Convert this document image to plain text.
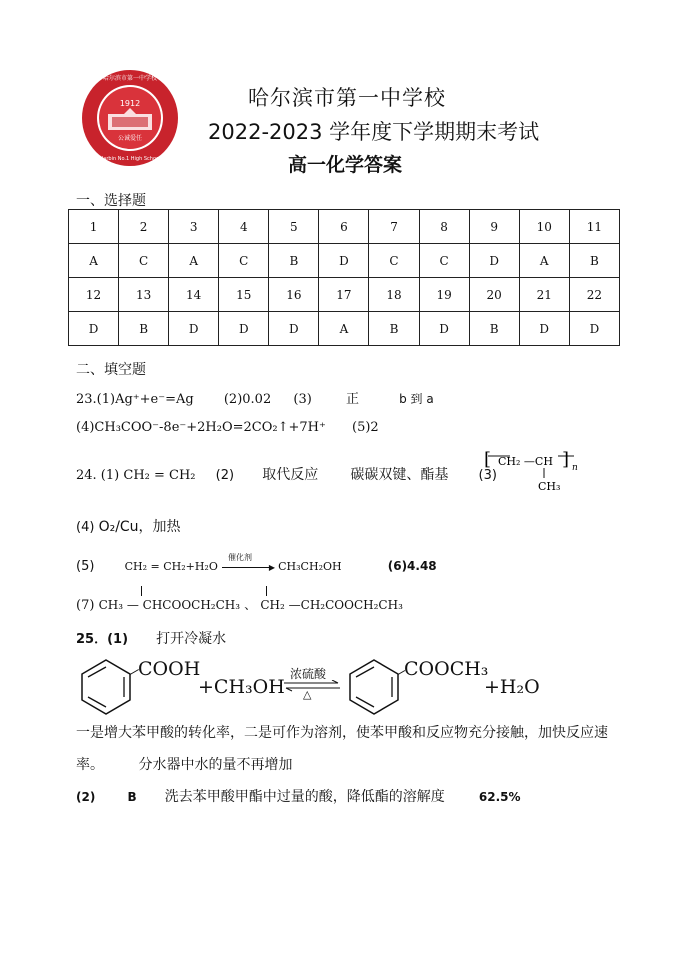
1912
公诚爱任
哈尔滨市第一中学校
Harbin No.1 High School
哈尔滨市第一中学校
2022-2023 学年度下学期期末考试
高一化学答案
一、选择题
1	2	3	4	5	6	7	8	9	10	11
A	C	A	C	B	D	C	C	D	A	B
12	13	14	15	16	17	18	19	20	21	22
D	B	D	D	D	A	B	D	B	D	D
二、填空题
23.(1)Ag⁺+e⁻=Ag (2)0.02 (3)	正	b 到 a
(4)CH₃COO⁻-8e⁻+2H₂O=2CO₂↑+7H⁺ (5)2
24. (1) CH₂ = CH₂ (2) 取代反应 碳碳双键、酯基 (3)
[ CH₂ —CH ] n
CH₃
(4) O₂/Cu，加热
(5)	CH₂ = CH₂+H₂O
催化剂
▶ CH₃CH₂OH	(6)4.48
(7) CH₃ — CHCOOCH₂CH₃ 、 CH₂ —CH₂COOCH₂CH₃
25．(1) 打开冷凝水
COOH
+CH₃OH
浓硫酸
△
COOCH₃
+H₂O
一是增大苯甲酸的转化率，二是可作为溶剂，使苯甲酸和反应物充分接触，加快反应速
率。 分水器中水的量不再增加
(2)	B 洗去苯甲酸甲酯中过量的酸，降低酯的溶解度	62.5%
